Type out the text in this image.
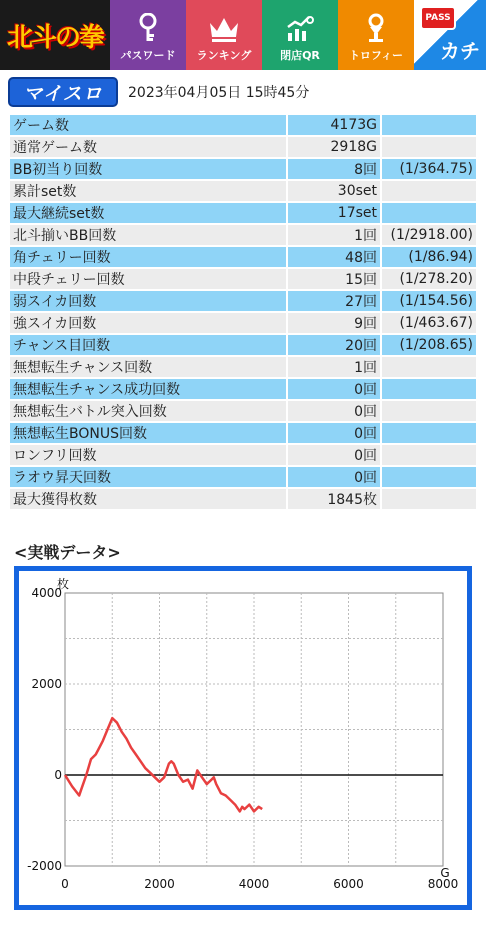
北斗の拳
パスワード ランキング	閉店QR	トロフィー
PASS
カチ
マイスロ	2023年04月05日 15時45分
ゲーム数	4173G	
通常ゲーム数	2918G	
BB初当り回数	8回	(1/364.75)
累計set数	30set	
最大継続set数	17set	
北斗揃いBB回数	1回	(1/2918.00)
角チェリー回数	48回	(1/86.94)
中段チェリー回数	15回	(1/278.20)
弱スイカ回数	27回	(1/154.56)
強スイカ回数	9回	(1/463.67)
チャンス目回数	20回	(1/208.65)
無想転生チャンス回数	1回	
無想転生チャンス成功回数	0回	
無想転生バトル突入回数	0回	
無想転生BONUS回数	0回	
ロンフリ回数	0回	
ラオウ昇天回数	0回	
最大獲得枚数	1845枚	
<実戦データ>
-2000
0
2000
4000
0	2000	4000	6000	8000
枚
G
